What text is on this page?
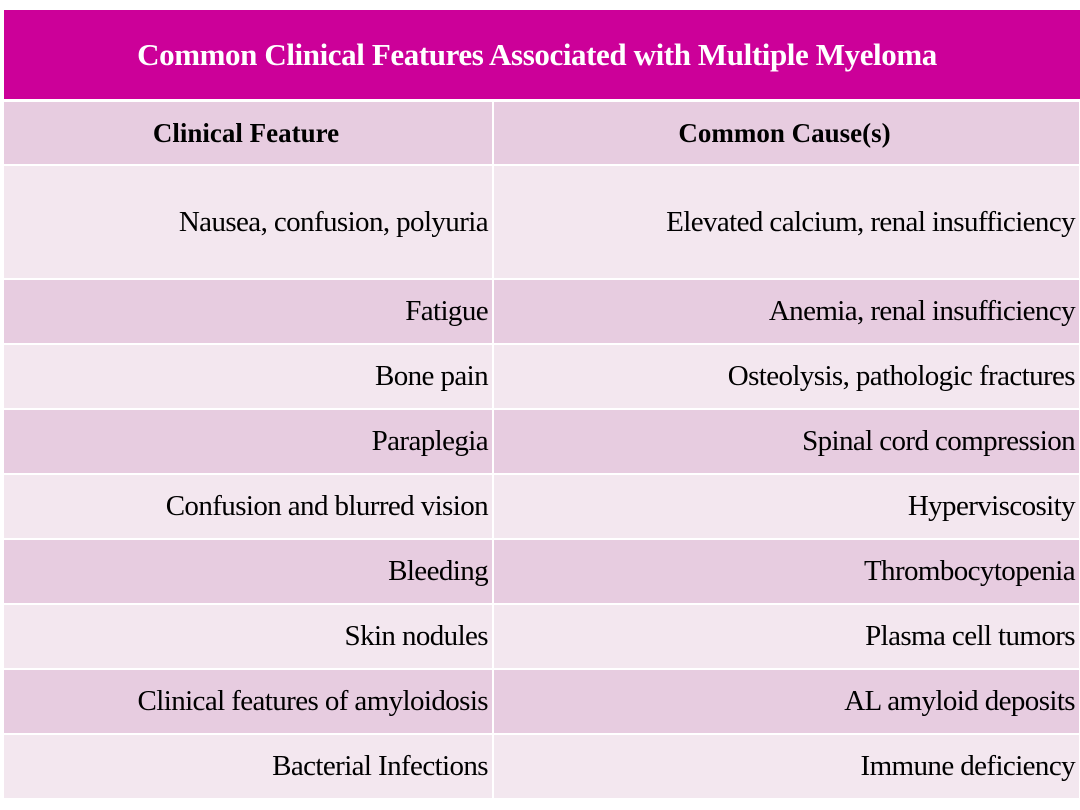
Common Clinical Features Associated with Multiple Myeloma
Clinical Feature	Common Cause(s)
Nausea, confusion, polyuria	Elevated calcium, renal insufficiency
Fatigue	Anemia, renal insufficiency
Bone pain	Osteolysis, pathologic fractures
Paraplegia	Spinal cord compression
Confusion and blurred vision	Hyperviscosity
Bleeding	Thrombocytopenia
Skin nodules	Plasma cell tumors
Clinical features of amyloidosis	AL amyloid deposits
Bacterial Infections	Immune deficiency
